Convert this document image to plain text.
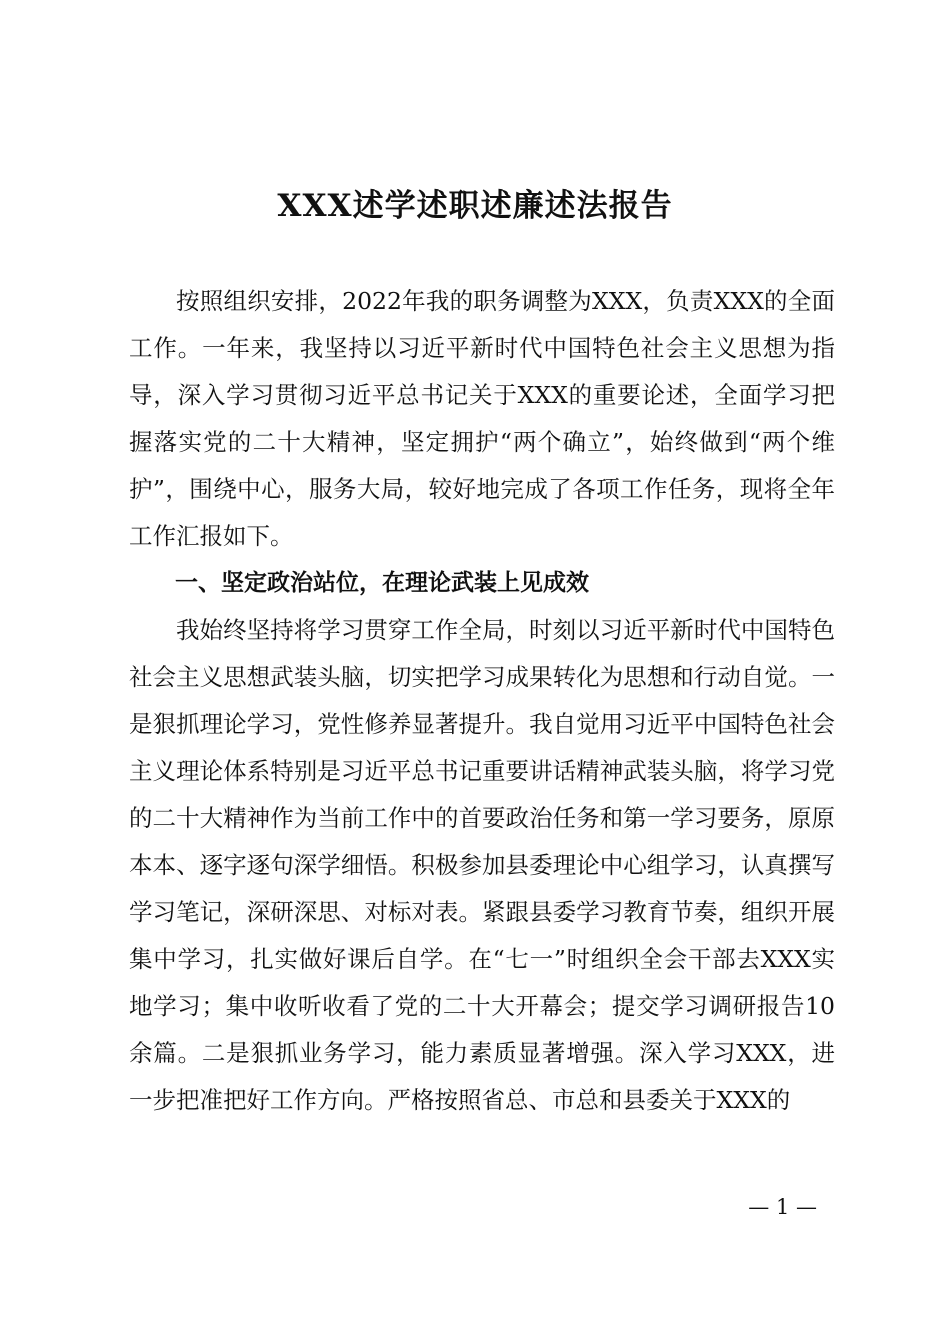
XXX述学述职述廉述法报告

按照组织安排，2022年我的职务调整为XXX，负责XXX的全面工作。一年来，我坚持以习近平新时代中国特色社会主义思想为指导，深入学习贯彻习近平总书记关于XXX的重要论述，全面学习把握落实党的二十大精神，坚定拥护“两个确立”，始终做到“两个维护”，围绕中心，服务大局，较好地完成了各项工作任务，现将全年工作汇报如下。

一、坚定政治站位，在理论武装上见成效

我始终坚持将学习贯穿工作全局，时刻以习近平新时代中国特色社会主义思想武装头脑，切实把学习成果转化为思想和行动自觉。一是狠抓理论学习，党性修养显著提升。我自觉用习近平中国特色社会主义理论体系特别是习近平总书记重要讲话精神武装头脑，将学习党的二十大精神作为当前工作中的首要政治任务和第一学习要务，原原本本、逐字逐句深学细悟。积极参加县委理论中心组学习，认真撰写学习笔记，深研深思、对标对表。紧跟县委学习教育节奏，组织开展集中学习，扎实做好课后自学。在“七一”时组织全会干部去XXX实地学习；集中收听收看了党的二十大开幕会；提交学习调研报告10余篇。二是狠抓业务学习，能力素质显著增强。深入学习XXX，进一步把准把好工作方向。严格按照省总、市总和县委关于XXX的

— 1 —
